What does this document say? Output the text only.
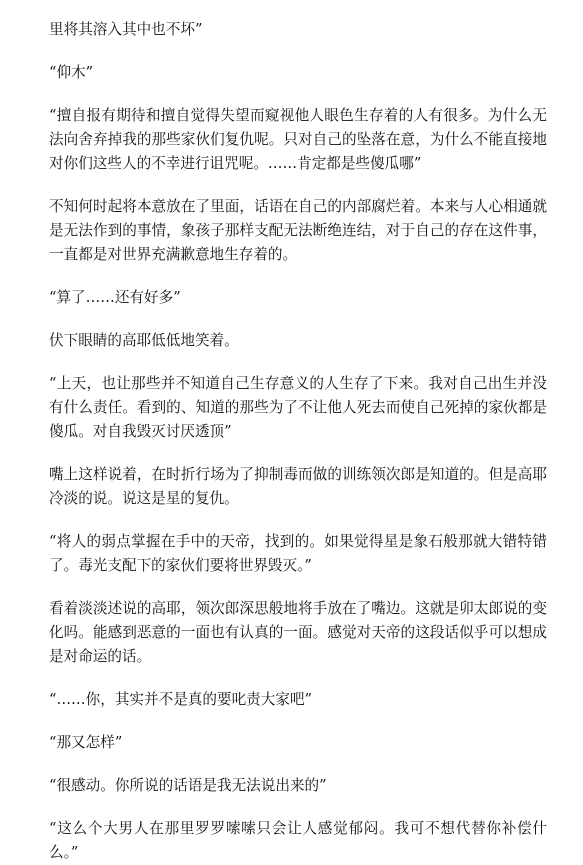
里将其溶入其中也不坏”

“仰木”

“擅自报有期待和擅自觉得失望而窥视他人眼色生存着的人有很多。为什么无法向舍弃掉我的那些家伙们复仇呢。只对自己的坠落在意，为什么不能直接地对你们这些人的不幸进行诅咒呢。……肯定都是些傻瓜哪”

不知何时起将本意放在了里面，话语在自己的内部腐烂着。本来与人心相通就是无法作到的事情，象孩子那样支配无法断绝连结，对于自己的存在这件事，一直都是对世界充满歉意地生存着的。

“算了……还有好多”

伏下眼睛的高耶低低地笑着。

“上天，也让那些并不知道自己生存意义的人生存了下来。我对自己出生并没有什么责任。看到的、知道的那些为了不让他人死去而使自己死掉的家伙都是傻瓜。对自我毁灭讨厌透顶”

嘴上这样说着，在时折行场为了抑制毒而做的训练领次郎是知道的。但是高耶冷淡的说。说这是星的复仇。

“将人的弱点掌握在手中的天帝，找到的。如果觉得星是象石般那就大错特错了。毒光支配下的家伙们要将世界毁灭。”

看着淡淡述说的高耶，领次郎深思般地将手放在了嘴边。这就是卯太郎说的变化吗。能感到恶意的一面也有认真的一面。感觉对天帝的这段话似乎可以想成是对命运的话。

“……你，其实并不是真的要叱责大家吧”

“那又怎样”

“很感动。你所说的话语是我无法说出来的”

“这么个大男人在那里罗罗嗦嗦只会让人感觉郁闷。我可不想代替你补偿什么。”
